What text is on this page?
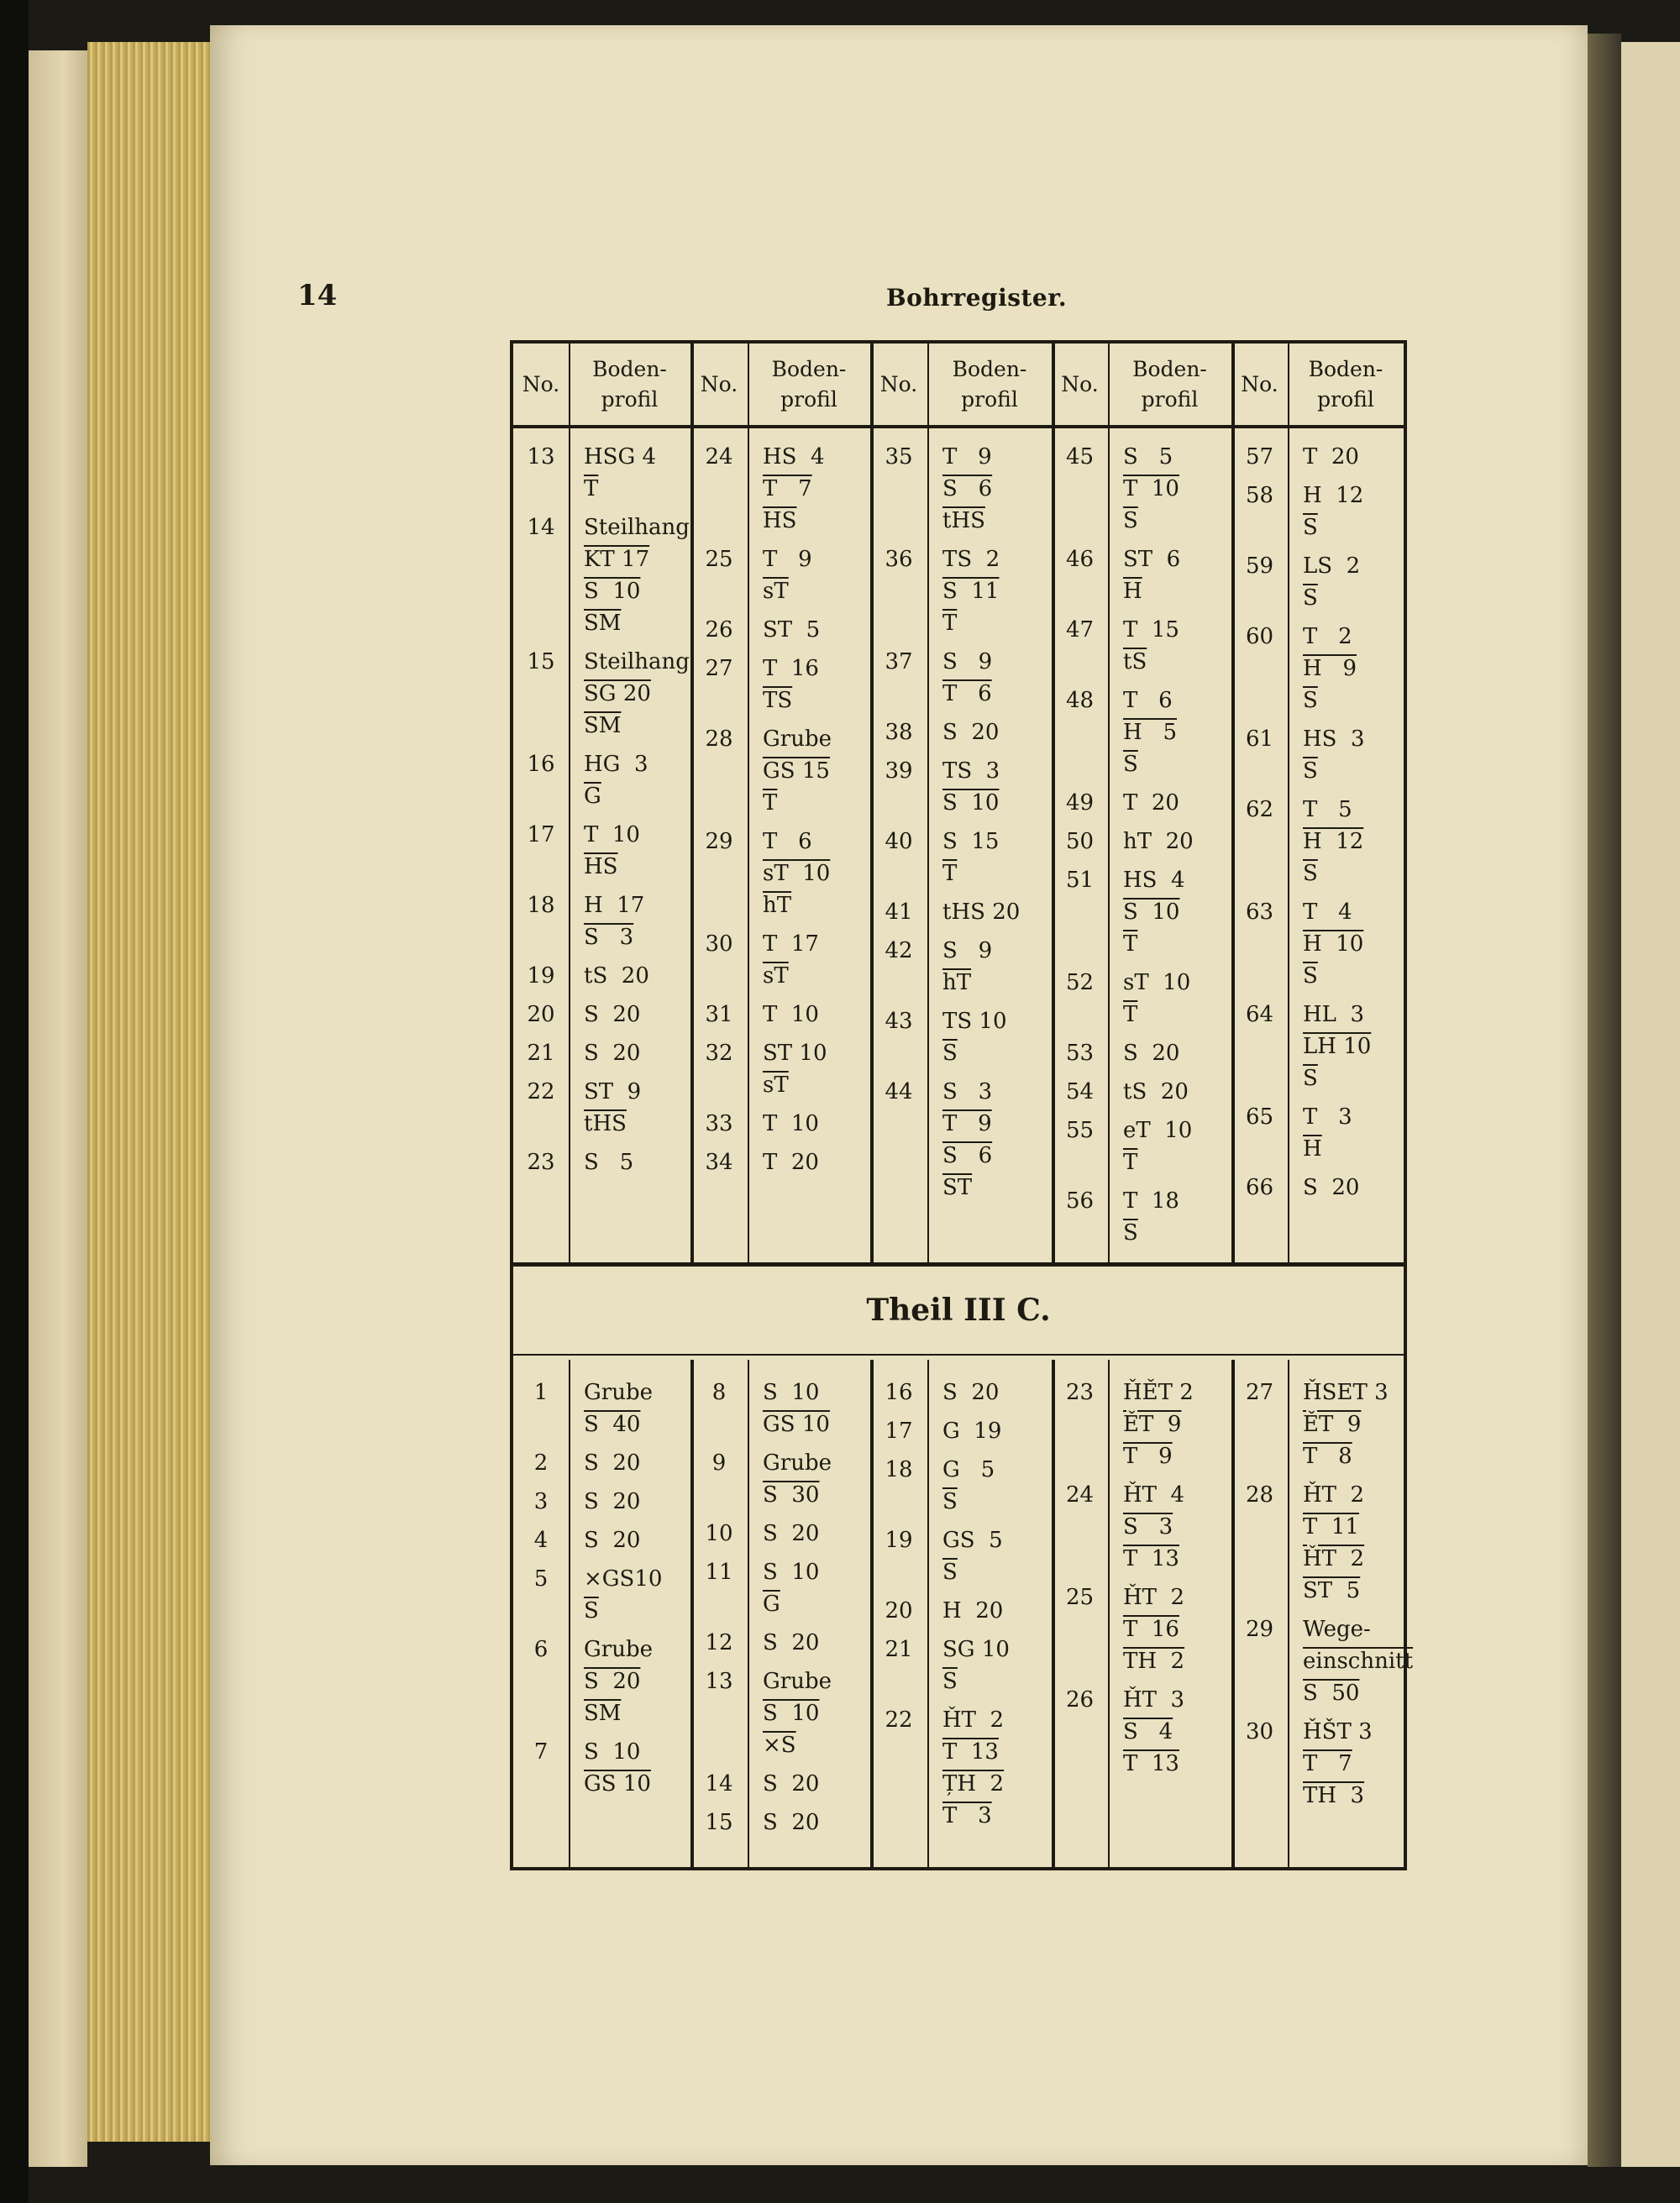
14	Bohrregister.
No.
Boden-
profil
No.
Boden-
profil
No.
Boden-
profil
No.
Boden-
profil
No.
Boden-
profil
13	HSG 4
$\overline{T}$
14	Steilhang
KT 17
S  10
$\overline{SM}$
15	Steilhang
SG 20
$\overline{SM}$
16	HG  3
$\overline{G}$
17	T  10
$\overline{HS}$
18	H  17
S   3
19	tS  20
20	S  20
21	S  20
22	ST  9
$\overline{tHS}$
23	S   5
24	HS  4
T   7
$\overline{HS}$
25	T   9
$\overline{sT}$
26	ST  5
27	T  16
$\overline{TS}$
28	Grube
GS 15
$\overline{T}$
29	T   6
sT  10
$\overline{hT}$
30	T  17
$\overline{sT}$
31	T  10
32	ST 10
$\overline{sT}$
33	T  10
34	T  20
35	T   9
S   6
$\overline{tHS}$
36	TS  2
S  11
$\overline{T}$
37	S   9
T   6
38	S  20
39	TS  3
S  10
40	S  15
$\overline{T}$
41	tHS 20
42	S   9
$\overline{hT}$
43	TS 10
$\overline{S}$
44	S   3
T   9
S   6
$\overline{ST}$
45	S   5
T  10
$\overline{S}$
46	ST  6
$\overline{H}$
47	T  15
$\overline{tS}$
48	T   6
H   5
$\overline{S}$
49	T  20
50	hT  20
51	HS  4
S  10
$\overline{T}$
52	sT  10
$\overline{T}$
53	S  20
54	tS  20
55	eT  10
$\overline{T}$
56	T  18
$\overline{S}$
57	T  20
58	H  12
$\overline{S}$
59	LS  2
$\overline{S}$
60	T   2
H   9
$\overline{S}$
61	HS  3
$\overline{S}$
62	T   5
H  12
$\overline{S}$
63	T   4
H  10
$\overline{S}$
64	HL  3
LH 10
$\overline{S}$
65	T   3
$\overline{H}$
66	S  20
Theil III C.
1	Grube
S  40
2	S  20
3	S  20
4	S  20
5	×GS10
$\overline{S}$
6	Grube
S  20
$\overline{SM}$
7	S  10
GS 10
8	S  10
GS 10
9	Grube
S  30
10	S  20
11	S  10
$\overline{G}$
12	S  20
13	Grube
S  10
×S
14	S  20
15	S  20
16	S  20
17	G  19
18	G   5
$\overline{S}$
19	GS  5
$\overline{S}$
20	H  20
21	SG 10
$\overline{S}$
22	ȞT  2
T  13
ȚH  2
T   3
23	ȞĚT 2
ĚT  9
T   9
24	ȞT  4
S   3
T  13
25	ȞT  2
T  16
TH  2
26	ȞT  3
S   4
T  13
27	ȞSET 3
ĚT  9
T   8
28	ȞT  2
T  11
ȞT  2
ST  5
29	Wege-
einschnitt
S  50
30	ȞŠT 3
T   7
TH  3
